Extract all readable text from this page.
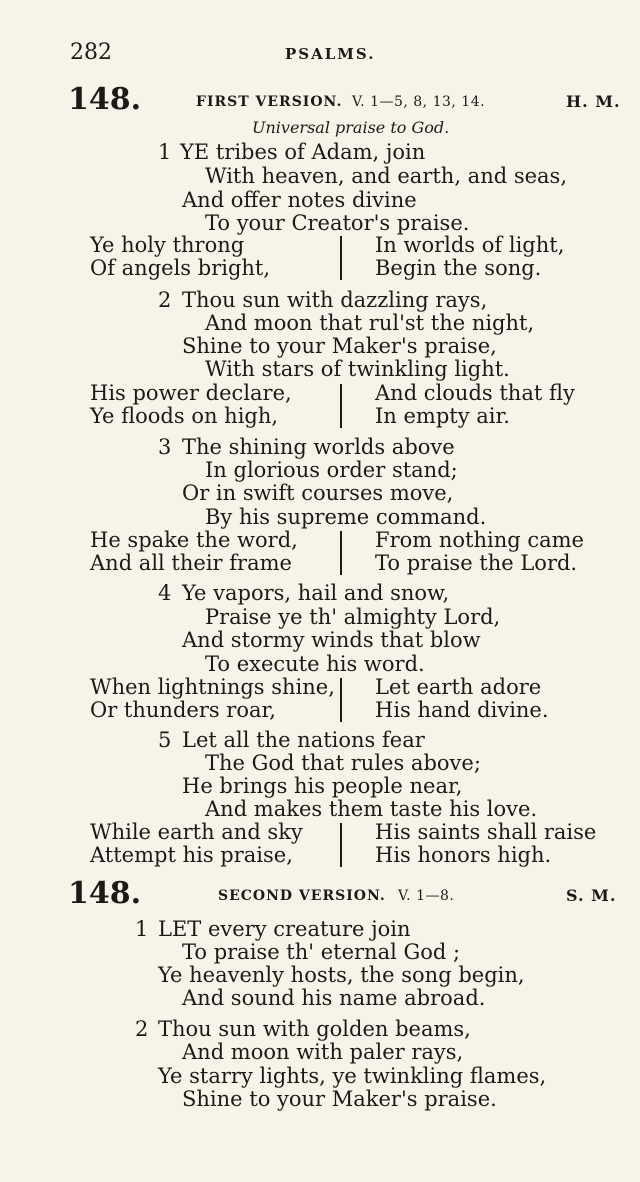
282	PSALMS.
148.	FIRST VERSION. V. 1—5, 8, 13, 14.	H. M.
Universal praise to God.
1 YE tribes of Adam, join
With heaven, and earth, and seas,
And offer notes divine
To your Creator's praise.
Ye holy throng
Of angels bright,
In worlds of light,
Begin the song.
2 Thou sun with dazzling rays,
And moon that rul'st the night,
Shine to your Maker's praise,
With stars of twinkling light.
His power declare,
Ye floods on high,
And clouds that fly
In empty air.
3 The shining worlds above
In glorious order stand;
Or in swift courses move,
By his supreme command.
He spake the word,
And all their frame
From nothing came
To praise the Lord.
4 Ye vapors, hail and snow,
Praise ye th' almighty Lord,
And stormy winds that blow
To execute his word.
When lightnings shine,
Or thunders roar,
Let earth adore
His hand divine.
5 Let all the nations fear
The God that rules above;
He brings his people near,
And makes them taste his love.
While earth and sky
Attempt his praise,
His saints shall raise
His honors high.
148.	SECOND VERSION. V. 1—8.	S. M.
1 LET every creature join
To praise th' eternal God ;
Ye heavenly hosts, the song begin,
And sound his name abroad.
2 Thou sun with golden beams,
And moon with paler rays,
Ye starry lights, ye twinkling flames,
Shine to your Maker's praise.
